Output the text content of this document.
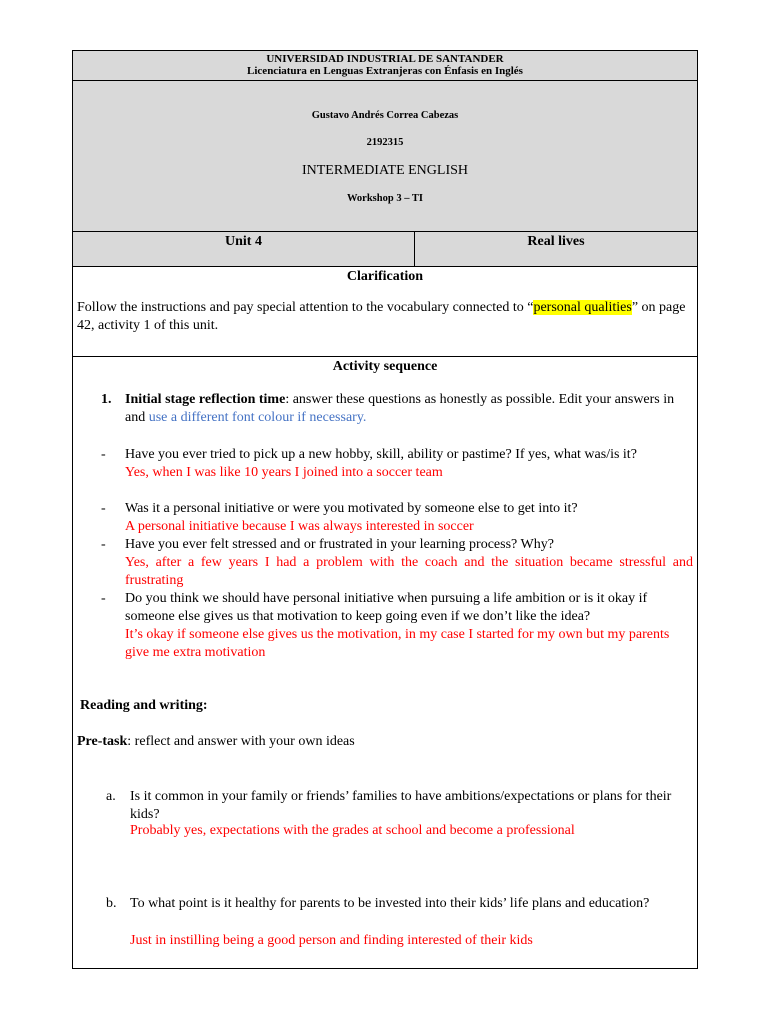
UNIVERSIDAD INDUSTRIAL DE SANTANDER
Licenciatura en Lenguas Extranjeras con Énfasis en Inglés

Gustavo Andrés Correa Cabezas
2192315
INTERMEDIATE ENGLISH
Workshop 3 – TI

Unit 4	Real lives

Clarification
Follow the instructions and pay special attention to the vocabulary connected to “personal qualities” on page 42, activity 1 of this unit.

Activity sequence
1. Initial stage reflection time: answer these questions as honestly as possible. Edit your answers in and use a different font colour if necessary.
- Have you ever tried to pick up a new hobby, skill, ability or pastime? If yes, what was/is it?
Yes, when I was like 10 years I joined into a soccer team
- Was it a personal initiative or were you motivated by someone else to get into it?
A personal initiative because I was always interested in soccer
- Have you ever felt stressed and or frustrated in your learning process? Why?
Yes, after a few years I had a problem with the coach and the situation became stressful and frustrating
- Do you think we should have personal initiative when pursuing a life ambition or is it okay if someone else gives us that motivation to keep going even if we don’t like the idea?
It’s okay if someone else gives us the motivation, in my case I started for my own but my parents give me extra motivation
Reading and writing:
Pre-task: reflect and answer with your own ideas
a. Is it common in your family or friends’ families to have ambitions/expectations or plans for their kids?
Probably yes, expectations with the grades at school and become a professional
b. To what point is it healthy for parents to be invested into their kids’ life plans and education?
Just in instilling being a good person and finding interested of their kids
